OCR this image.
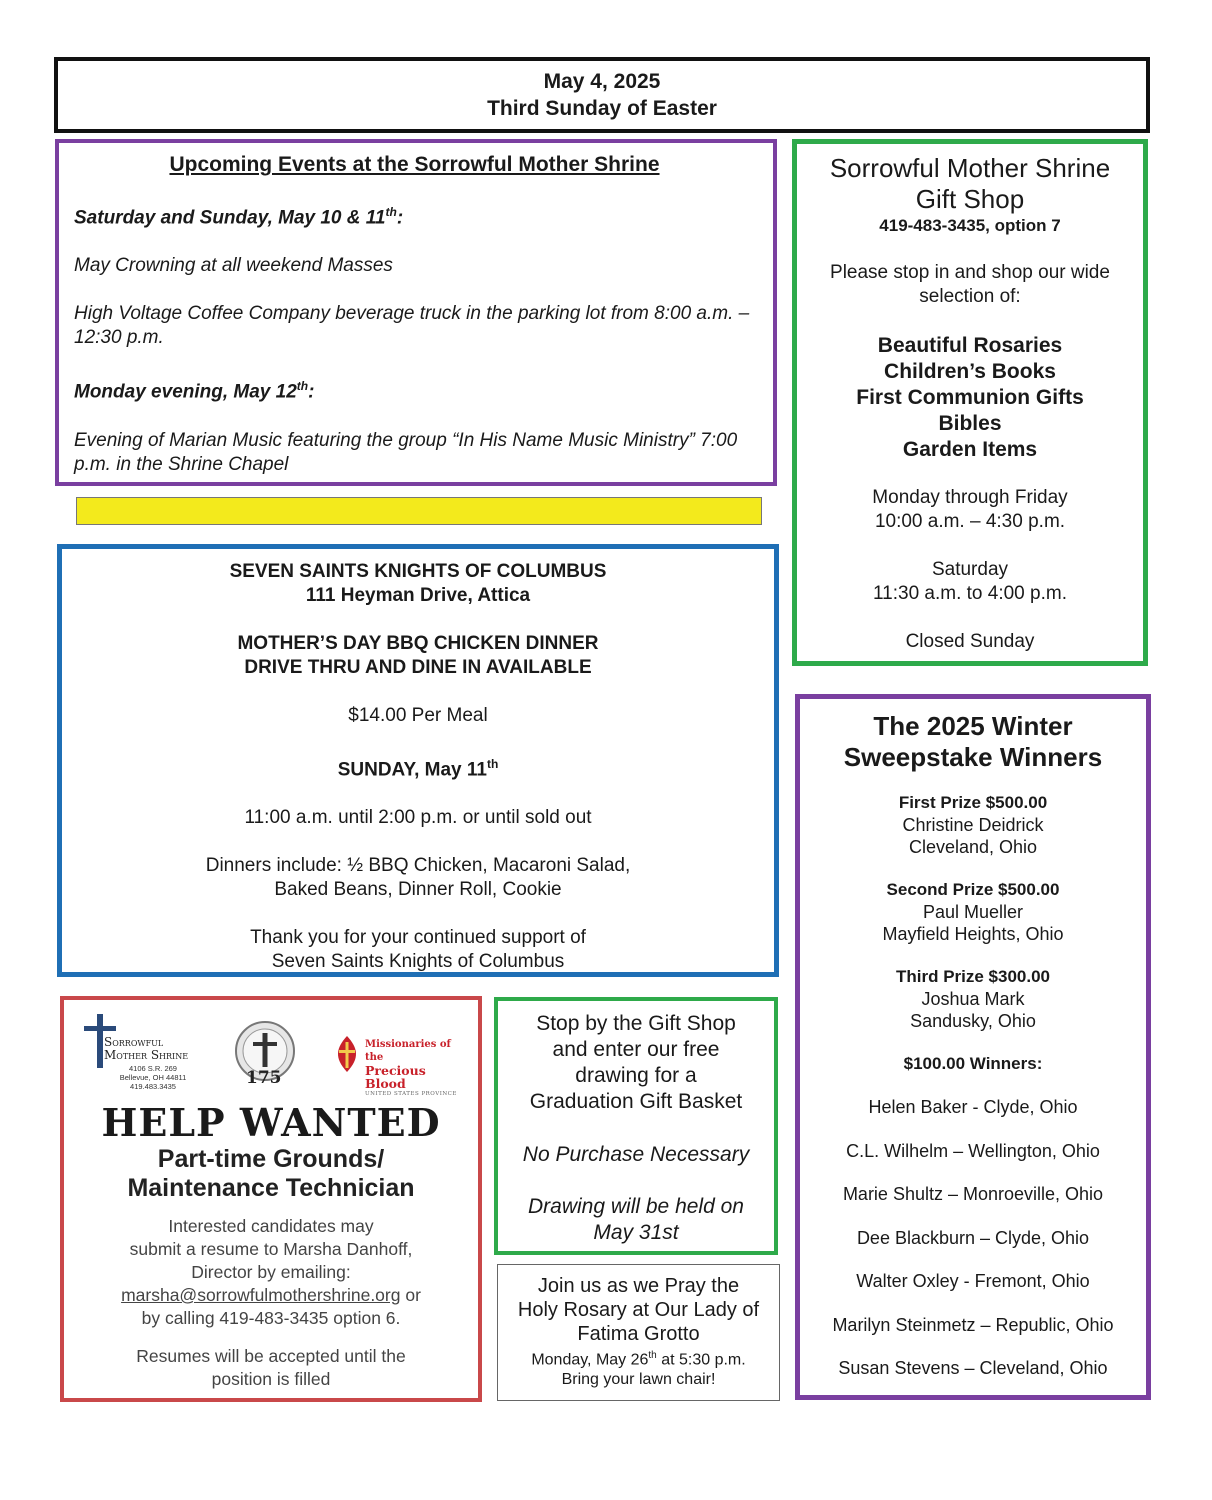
May 4, 2025

Third Sunday of Easter

Upcoming Events at the Sorrowful Mother Shrine

Saturday and Sunday, May 10 & 11th:

May Crowning at all weekend Masses

High Voltage Coffee Company beverage truck in the parking lot from 8:00 a.m. – 12:30 p.m.

Monday evening, May 12th:

Evening of Marian Music featuring the group “In His Name Music Ministry” 7:00 p.m. in the Shrine Chapel

SEVEN SAINTS KNIGHTS OF COLUMBUS

111 Heyman Drive, Attica

MOTHER’S DAY BBQ CHICKEN DINNER

DRIVE THRU AND DINE IN AVAILABLE

$14.00 Per Meal

SUNDAY, May 11th

11:00 a.m. until 2:00 p.m. or until sold out

Dinners include: ½ BBQ Chicken, Macaroni Salad,

Baked Beans, Dinner Roll, Cookie

Thank you for your continued support of

Seven Saints Knights of Columbus

Sorrowful Mother Shrine

Gift Shop

419-483-3435, option 7

Please stop in and shop our wide

selection of:

Beautiful Rosaries

Children’s Books

First Communion Gifts

Bibles

Garden Items

Monday through Friday

10:00 a.m. – 4:30 p.m.

Saturday

11:30 a.m. to 4:00 p.m.

Closed Sunday

The 2025 Winter

Sweepstake Winners

First Prize $500.00

Christine Deidrick

Cleveland, Ohio

Second Prize $500.00

Paul Mueller

Mayfield Heights, Ohio

Third Prize $300.00

Joshua Mark

Sandusky, Ohio

$100.00 Winners:

Helen Baker - Clyde, Ohio

C.L. Wilhelm – Wellington, Ohio

Marie Shultz – Monroeville, Ohio

Dee Blackburn – Clyde, Ohio

Walter Oxley - Fremont, Ohio

Marilyn Steinmetz – Republic, Ohio

Susan Stevens – Cleveland, Ohio

Sorrowful
Mother Shrine
4106 S.R. 269
Bellevue, OH 44811
419.483.3435	175
Missionaries of the
Precious Blood
UNITED STATES PROVINCE
HELP WANTED
Part-time Grounds/
Maintenance Technician
Interested candidates may
submit a resume to Marsha Danhoff,
Director by emailing:
marsha@sorrowfulmothershrine.org or
by calling 419-483-3435 option 6.
Resumes will be accepted until the
position is filled

Stop by the Gift Shop

and enter our free

drawing for a

Graduation Gift Basket

No Purchase Necessary

Drawing will be held on

May 31st

Join us as we Pray the

Holy Rosary at Our Lady of

Fatima Grotto

Monday, May 26th at 5:30 p.m.

Bring your lawn chair!
